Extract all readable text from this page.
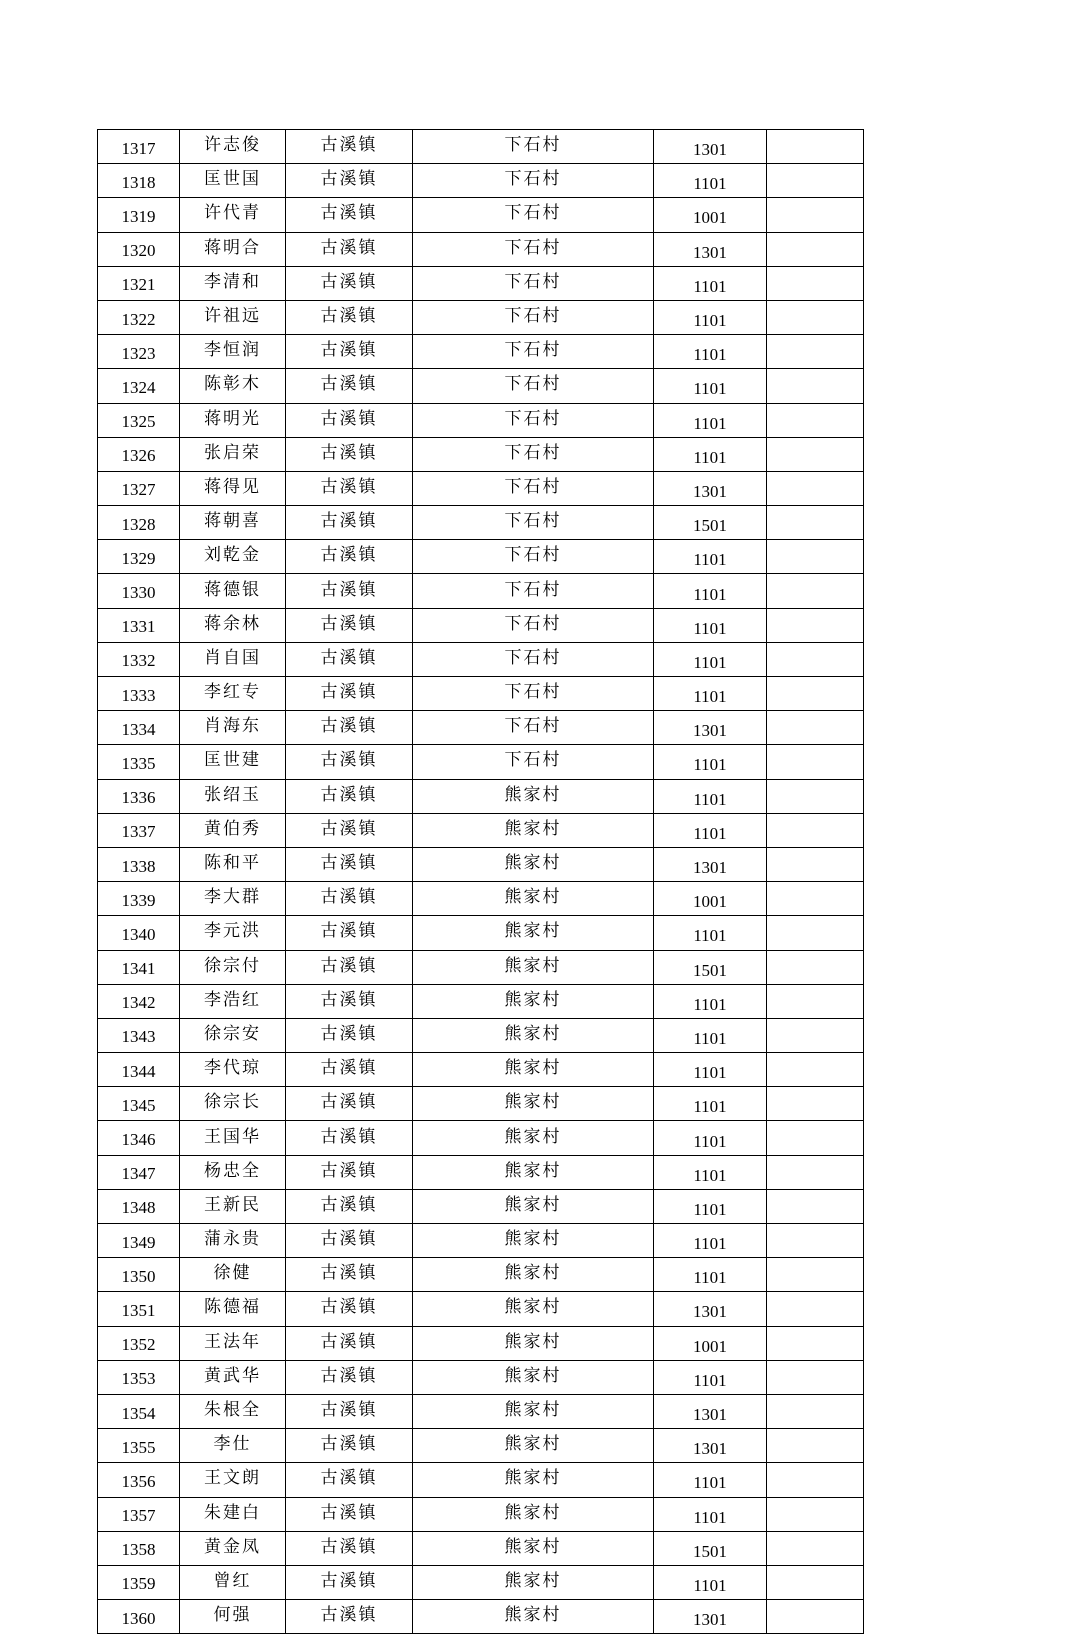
1317	许志俊	古溪镇	下石村	1301	
1318	匡世国	古溪镇	下石村	1101	
1319	许代青	古溪镇	下石村	1001	
1320	蒋明合	古溪镇	下石村	1301	
1321	李清和	古溪镇	下石村	1101	
1322	许祖远	古溪镇	下石村	1101	
1323	李恒润	古溪镇	下石村	1101	
1324	陈彰木	古溪镇	下石村	1101	
1325	蒋明光	古溪镇	下石村	1101	
1326	张启荣	古溪镇	下石村	1101	
1327	蒋得见	古溪镇	下石村	1301	
1328	蒋朝喜	古溪镇	下石村	1501	
1329	刘乾金	古溪镇	下石村	1101	
1330	蒋德银	古溪镇	下石村	1101	
1331	蒋余林	古溪镇	下石村	1101	
1332	肖自国	古溪镇	下石村	1101	
1333	李红专	古溪镇	下石村	1101	
1334	肖海东	古溪镇	下石村	1301	
1335	匡世建	古溪镇	下石村	1101	
1336	张绍玉	古溪镇	熊家村	1101	
1337	黄伯秀	古溪镇	熊家村	1101	
1338	陈和平	古溪镇	熊家村	1301	
1339	李大群	古溪镇	熊家村	1001	
1340	李元洪	古溪镇	熊家村	1101	
1341	徐宗付	古溪镇	熊家村	1501	
1342	李浩红	古溪镇	熊家村	1101	
1343	徐宗安	古溪镇	熊家村	1101	
1344	李代琼	古溪镇	熊家村	1101	
1345	徐宗长	古溪镇	熊家村	1101	
1346	王国华	古溪镇	熊家村	1101	
1347	杨忠全	古溪镇	熊家村	1101	
1348	王新民	古溪镇	熊家村	1101	
1349	蒲永贵	古溪镇	熊家村	1101	
1350	徐健	古溪镇	熊家村	1101	
1351	陈德福	古溪镇	熊家村	1301	
1352	王法年	古溪镇	熊家村	1001	
1353	黄武华	古溪镇	熊家村	1101	
1354	朱根全	古溪镇	熊家村	1301	
1355	李仕	古溪镇	熊家村	1301	
1356	王文朗	古溪镇	熊家村	1101	
1357	朱建白	古溪镇	熊家村	1101	
1358	黄金凤	古溪镇	熊家村	1501	
1359	曾红	古溪镇	熊家村	1101	
1360	何强	古溪镇	熊家村	1301	
